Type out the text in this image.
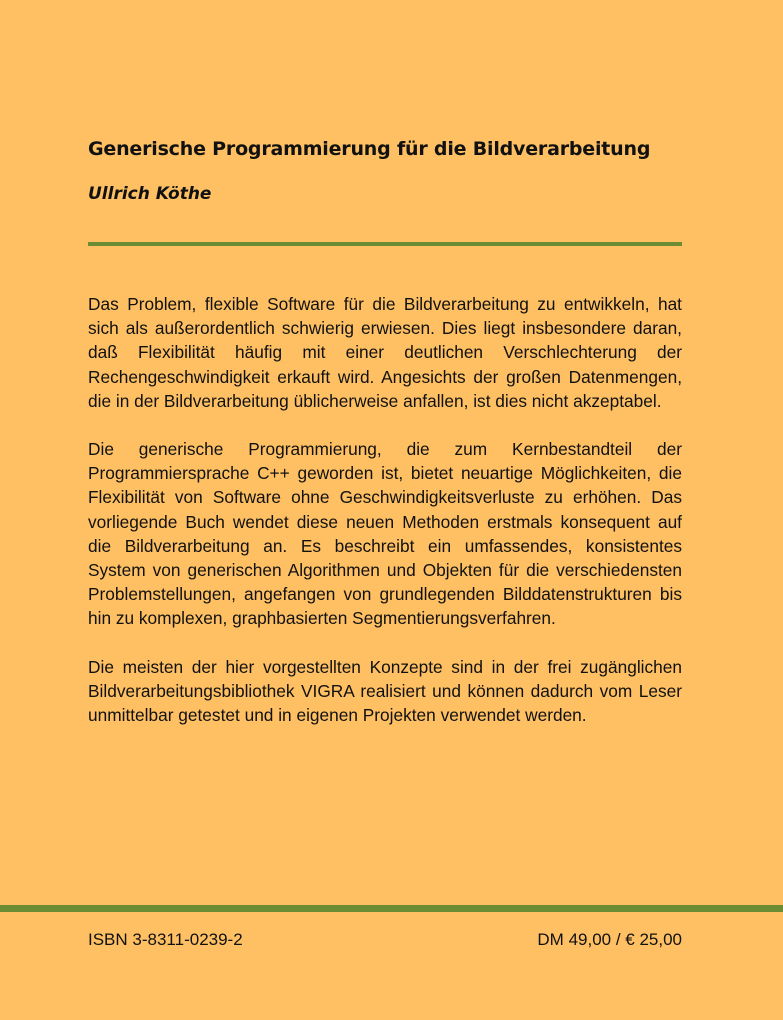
Generische Programmierung für die Bildverarbeitung
Ullrich Köthe

Das Problem, flexible Software für die Bildverarbeitung zu entwikkeln, hat sich als außerordentlich schwierig erwiesen. Dies liegt insbesondere daran, daß Flexibilität häufig mit einer deutlichen Verschlechterung der Rechengeschwindigkeit erkauft wird. Angesichts der großen Datenmengen, die in der Bildverarbeitung üblicherweise anfallen, ist dies nicht akzeptabel.

Die generische Programmierung, die zum Kernbestandteil der Programmiersprache C++ geworden ist, bietet neuartige Möglichkeiten, die Flexibilität von Software ohne Geschwindigkeitsverluste zu erhöhen. Das vorliegende Buch wendet diese neuen Methoden erstmals konsequent auf die Bildverarbeitung an. Es beschreibt ein umfassendes, konsistentes System von generischen Algorithmen und Objekten für die verschiedensten Problemstellungen, angefangen von grundlegenden Bilddatenstrukturen bis hin zu komplexen, graphbasierten Segmentierungsverfahren.

Die meisten der hier vorgestellten Konzepte sind in der frei zugänglichen Bildverarbeitungsbibliothek VIGRA realisiert und können dadurch vom Leser unmittelbar getestet und in eigenen Projekten verwendet werden.

ISBN 3-8311-0239-2	DM 49,00 / € 25,00
